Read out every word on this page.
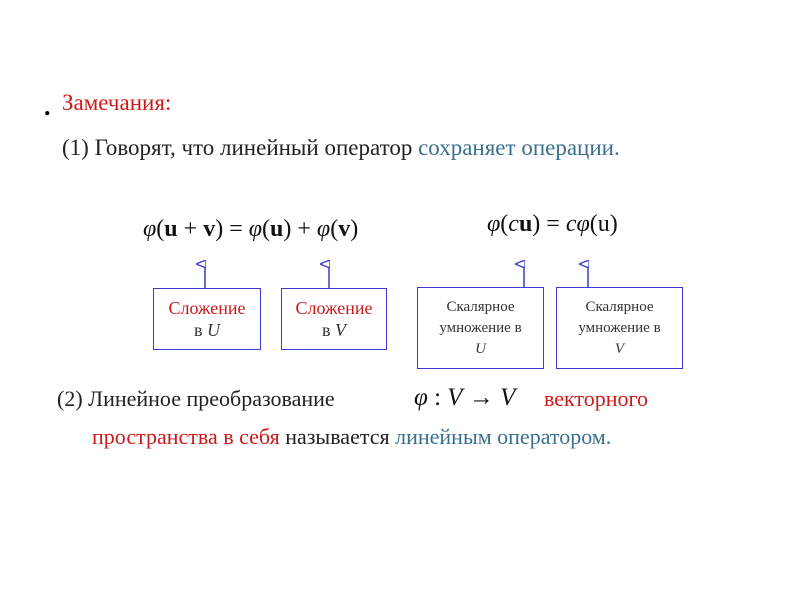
. Замечания:
(1) Говорят, что линейный оператор сохраняет операции.
φ(u + v) = φ(u) + φ(v)	φ(cu) = cφ(u)
Сложение
в U
Сложение
в V
Скалярное
умножение в
U
Скалярное
умножение в
V
(2) Линейное преобразование	φ : V → V векторного
пространства в себя называется линейным оператором.
